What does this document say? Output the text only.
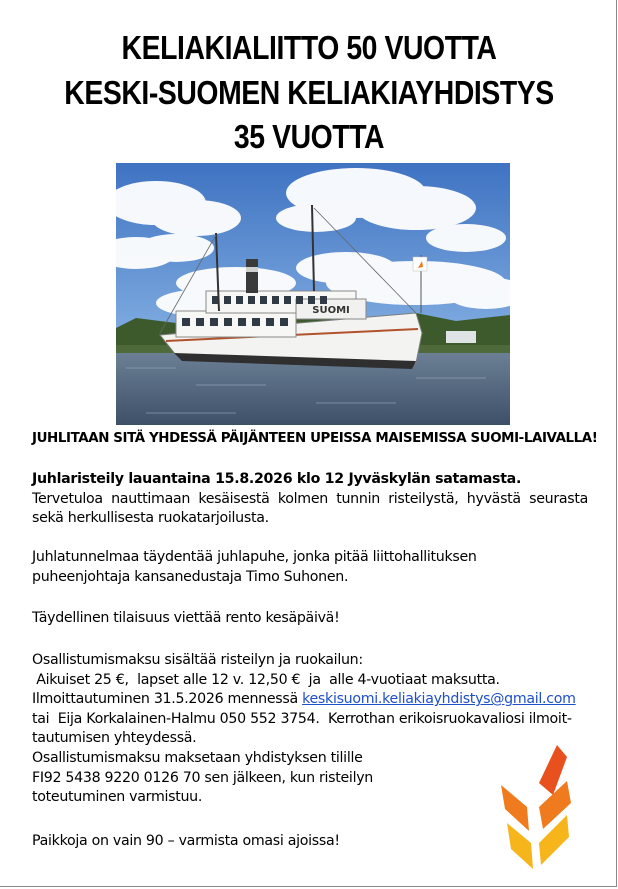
KELIAKIALIITTO 50 VUOTTA
KESKI-SUOMEN KELIAKIAYHDISTYS
35 VUOTTA
SUOMI
JUHLITAAN SITÄ YHDESSÄ PÄIJÄNTEEN UPEISSA MAISEMISSA SUOMI-LAIVALLA!
Juhlaristeily lauantaina 15.8.2026 klo 12 Jyväskylän satamasta.
Tervetuloa nauttimaan kesäisestä kolmen tunnin risteilystä, hyvästä seurasta sekä herkullisesta ruokatarjoilusta.
Juhlatunnelmaa täydentää juhlapuhe, jonka pitää liittohallituksen puheenjohtaja kansanedustaja Timo Suhonen.
Täydellinen tilaisuus viettää rento kesäpäivä!
Osallistumismaksu sisältää risteilyn ja ruokailun:
Aikuiset 25 €,  lapset alle 12 v. 12,50 €  ja  alle 4-vuotiaat maksutta.
Ilmoittautuminen 31.5.2026 mennessä keskisuomi.keliakiayhdistys@gmail.com
tai  Eija Korkalainen-Halmu 050 552 3754.  Kerrothan erikoisruokavaliosi ilmoit-
tautumisen yhteydessä.
Osallistumismaksu maksetaan yhdistyksen tilille
FI92 5438 9220 0126 70 sen jälkeen, kun risteilyn
toteutuminen varmistuu.
Paikkoja on vain 90 – varmista omasi ajoissa!
